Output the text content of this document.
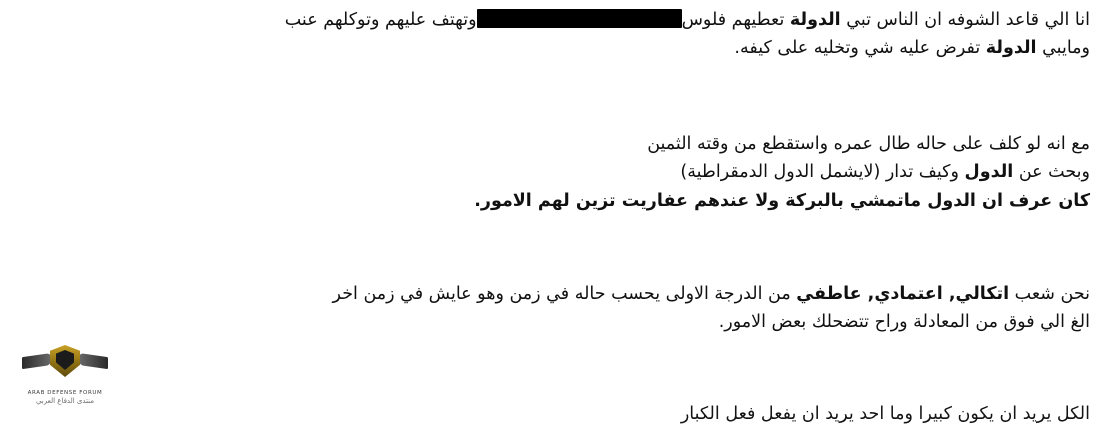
انا الي قاعد الشوفه ان الناس تبي الدولة تعطيهم فلوسوتهتف عليهم وتوكلهم عنب
ومايبي الدولة تفرض عليه شي وتخليه على كيفه.
مع انه لو كلف على حاله طال عمره واستقطع من وقته الثمين
وبحث عن الدول وكيف تدار (لايشمل الدول الدمقراطية)
كان عرف ان الدول ماتمشي بالبركة ولا عندهم عفاريت تزين لهم الامور.
نحن شعب اتكالي, اعتمادي, عاطفي من الدرجة الاولى يحسب حاله في زمن وهو عايش في زمن اخر
الغ الي فوق من المعادلة وراح تتضحلك بعض الامور.
الكل يريد ان يكون كبيرا وما احد يريد ان يفعل فعل الكبار
ARAB DEFENSE FORUM
منتدى الدفاع العربي
